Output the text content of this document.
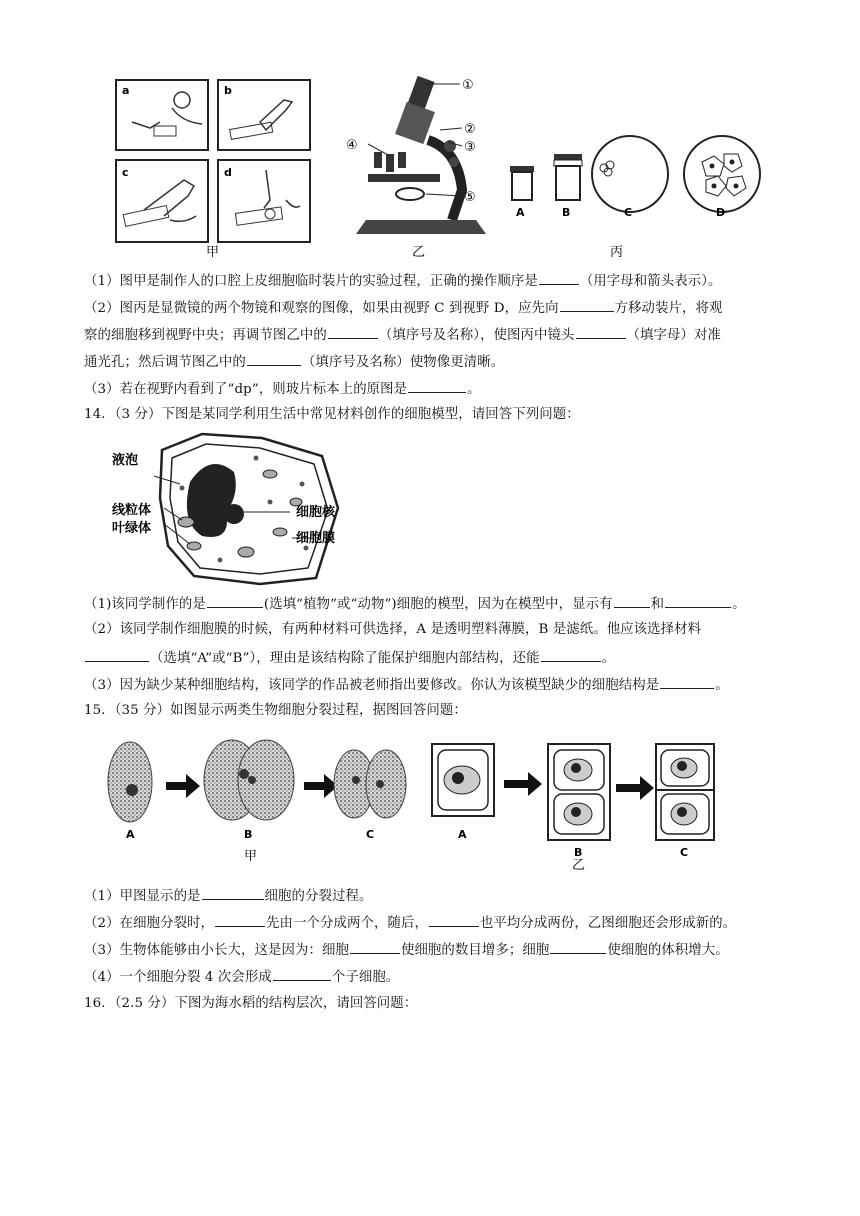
a	b
c	d
甲
①
②
③
④
⑤
乙
A	B	C	D
丙
（1）图甲是制作人的口腔上皮细胞临时装片的实验过程，正确的操作顺序是	（用字母和箭头表示）。
（2）图丙是显微镜的两个物镜和观察的图像，如果由视野 C 到视野 D，应先向	方移动装片，将观
察的细胞移到视野中央；再调节图乙中的	（填序号及名称），使图丙中镜头	（填字母）对准
通光孔；然后调节图乙中的	（填序号及名称）使物像更清晰。
（3）若在视野内看到了“dp”，则玻片标本上的原图是	。
14．（3 分）下图是某同学利用生活中常见材料创作的细胞模型，请回答下列问题：
液泡
线粒体
叶绿体
细胞核
细胞膜
（1)该同学制作的是	(选填“植物”或“动物”)细胞的模型，因为在模型中，显示有	和	。
（2）该同学制作细胞膜的时候，有两种材料可供选择，A 是透明塑料薄膜，B 是滤纸。他应该选择材料
（选填“A”或“B”），理由是该结构除了能保护细胞内部结构，还能	。
（3）因为缺少某种细胞结构，该同学的作品被老师指出要修改。你认为该模型缺少的细胞结构是	。
15．（35 分）如图显示两类生物细胞分裂过程，据图回答问题：
A	B	C	A
B	C
甲
乙
（1）甲图显示的是	细胞的分裂过程。
（2）在细胞分裂时，	先由一个分成两个，随后，	也平均分成两份，乙图细胞还会形成新的。
（3）生物体能够由小长大，这是因为：细胞	使细胞的数目增多；细胞	使细胞的体积增大。
（4）一个细胞分裂 4 次会形成	个子细胞。
16．（2.5 分）下图为海水稻的结构层次，请回答问题：
